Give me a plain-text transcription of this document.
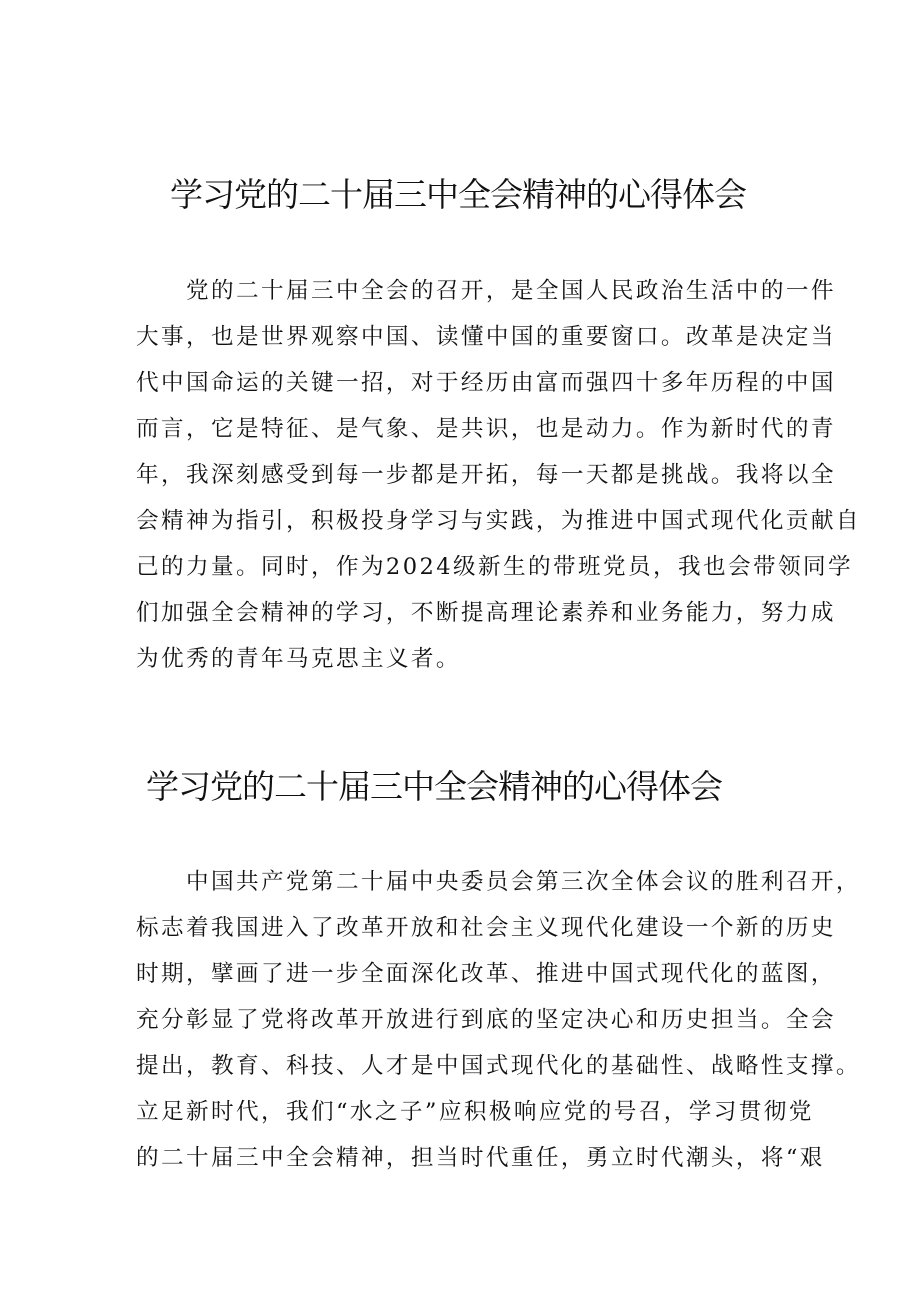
学习党的二十届三中全会精神的心得体会
　　党的二十届三中全会的召开，是全国人民政治生活中的一件
大事，也是世界观察中国、读懂中国的重要窗口。改革是决定当
代中国命运的关键一招，对于经历由富而强四十多年历程的中国
而言，它是特征、是气象、是共识，也是动力。作为新时代的青
年，我深刻感受到每一步都是开拓，每一天都是挑战。我将以全
会精神为指引，积极投身学习与实践，为推进中国式现代化贡献自
己的力量。同时，作为2024级新生的带班党员，我也会带领同学
们加强全会精神的学习，不断提高理论素养和业务能力，努力成
为优秀的青年马克思主义者。
学习党的二十届三中全会精神的心得体会
　　中国共产党第二十届中央委员会第三次全体会议的胜利召开，
标志着我国进入了改革开放和社会主义现代化建设一个新的历史
时期，擘画了进一步全面深化改革、推进中国式现代化的蓝图，
充分彰显了党将改革开放进行到底的坚定决心和历史担当。全会
提出，教育、科技、人才是中国式现代化的基础性、战略性支撑。
立足新时代，我们“水之子”应积极响应党的号召，学习贯彻党
的二十届三中全会精神，担当时代重任，勇立时代潮头，将“艰
